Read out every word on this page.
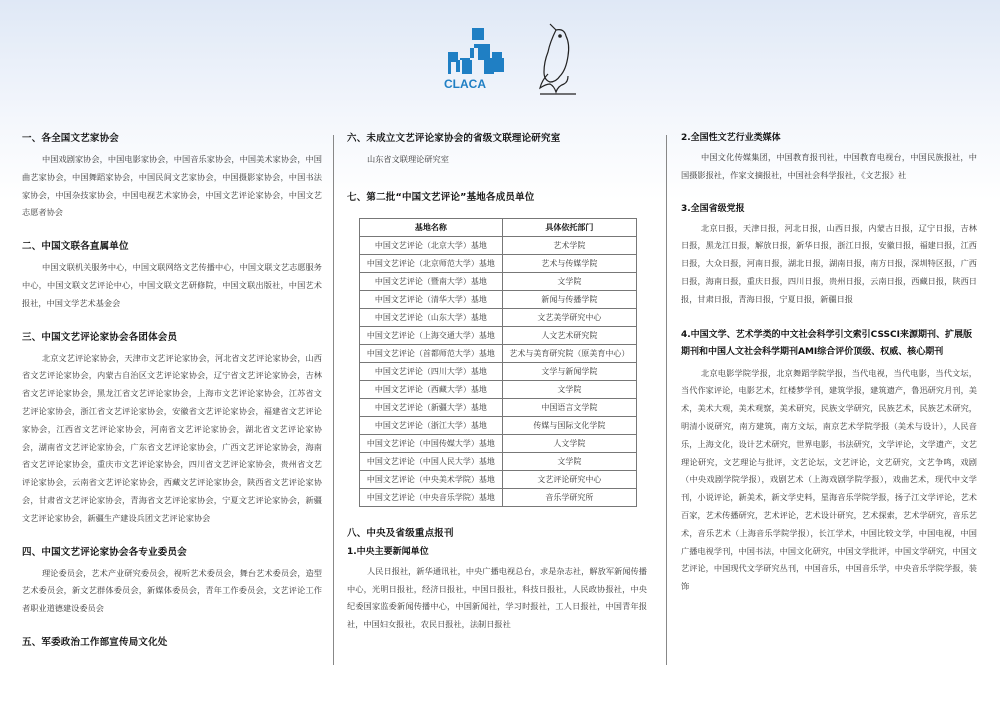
CLACA
一、各全国文艺家协会

中国戏剧家协会，中国电影家协会，中国音乐家协会，中国美术家协会，中国曲艺家协会，中国舞蹈家协会，中国民间文艺家协会，中国摄影家协会，中国书法家协会，中国杂技家协会，中国电视艺术家协会，中国文艺评论家协会，中国文艺志愿者协会

二、中国文联各直属单位

中国文联机关服务中心，中国文联网络文艺传播中心，中国文联文艺志愿服务中心，中国文联文艺评论中心，中国文联文艺研修院，中国文联出版社，中国艺术报社，中国文学艺术基金会

三、中国文艺评论家协会各团体会员

北京文艺评论家协会，天津市文艺评论家协会，河北省文艺评论家协会，山西省文艺评论家协会，内蒙古自治区文艺评论家协会，辽宁省文艺评论家协会，吉林省文艺评论家协会，黑龙江省文艺评论家协会，上海市文艺评论家协会，江苏省文艺评论家协会，浙江省文艺评论家协会，安徽省文艺评论家协会，福建省文艺评论家协会，江西省文艺评论家协会，河南省文艺评论家协会，湖北省文艺评论家协会，湖南省文艺评论家协会，广东省文艺评论家协会，广西文艺评论家协会，海南省文艺评论家协会，重庆市文艺评论家协会，四川省文艺评论家协会，贵州省文艺评论家协会，云南省文艺评论家协会，西藏文艺评论家协会，陕西省文艺评论家协会，甘肃省文艺评论家协会，青海省文艺评论家协会，宁夏文艺评论家协会，新疆文艺评论家协会，新疆生产建设兵团文艺评论家协会

四、中国文艺评论家协会各专业委员会

理论委员会，艺术产业研究委员会，视听艺术委员会，舞台艺术委员会，造型艺术委员会，新文艺群体委员会，新媒体委员会，青年工作委员会，文艺评论工作者职业道德建设委员会

五、军委政治工作部宣传局文化处
六、未成立文艺评论家协会的省级文联理论研究室

山东省文联理论研究室

七、第二批“中国文艺评论”基地各成员单位
基地名称	具体依托部门
中国文艺评论（北京大学）基地	艺术学院
中国文艺评论（北京师范大学）基地	艺术与传媒学院
中国文艺评论（暨南大学）基地	文学院
中国文艺评论（清华大学）基地	新闻与传播学院
中国文艺评论（山东大学）基地	文艺美学研究中心
中国文艺评论（上海交通大学）基地	人文艺术研究院
中国文艺评论（首都师范大学）基地	艺术与美育研究院（原美育中心）
中国文艺评论（四川大学）基地	文学与新闻学院
中国文艺评论（西藏大学）基地	文学院
中国文艺评论（新疆大学）基地	中国语言文学院
中国文艺评论（浙江大学）基地	传媒与国际文化学院
中国文艺评论（中国传媒大学）基地	人文学院
中国文艺评论（中国人民大学）基地	文学院
中国文艺评论（中央美术学院）基地	文艺评论研究中心
中国文艺评论（中央音乐学院）基地	音乐学研究所
八、中央及省级重点报刊
1.中央主要新闻单位

人民日报社，新华通讯社，中央广播电视总台，求是杂志社，解放军新闻传播中心，光明日报社，经济日报社，中国日报社，科技日报社，人民政协报社，中央纪委国家监委新闻传播中心，中国新闻社，学习时报社，工人日报社，中国青年报社，中国妇女报社，农民日报社，法制日报社

2.全国性文艺行业类媒体

中国文化传媒集团，中国教育报刊社，中国教育电视台，中国民族报社，中国摄影报社，作家文摘报社，中国社会科学报社，《文艺报》社

3.全国省级党报

北京日报，天津日报，河北日报，山西日报，内蒙古日报，辽宁日报，吉林日报，黑龙江日报，解放日报，新华日报，浙江日报，安徽日报，福建日报，江西日报，大众日报，河南日报，湖北日报，湖南日报，南方日报，深圳特区报，广西日报，海南日报，重庆日报，四川日报，贵州日报，云南日报，西藏日报，陕西日报，甘肃日报，青海日报，宁夏日报，新疆日报

4.中国文学、艺术学类的中文社会科学引文索引CSSCI来源期刊、扩展版期刊和中国人文社会科学期刊AMI综合评价顶级、权威、核心期刊

北京电影学院学报，北京舞蹈学院学报，当代电视，当代电影，当代文坛，当代作家评论，电影艺术，红楼梦学刊，建筑学报，建筑遗产，鲁迅研究月刊，美术，美术大观，美术观察，美术研究，民族文学研究，民族艺术，民族艺术研究，明清小说研究，南方建筑，南方文坛，南京艺术学院学报（美术与设计），人民音乐，上海文化，设计艺术研究，世界电影，书法研究，文学评论，文学遗产，文艺理论研究，文艺理论与批评，文艺论坛，文艺评论，文艺研究，文艺争鸣，戏剧（中央戏剧学院学报），戏剧艺术（上海戏剧学院学报），戏曲艺术，现代中文学刊，小说评论，新美术，新文学史料，星海音乐学院学报，扬子江文学评论，艺术百家，艺术传播研究，艺术评论，艺术设计研究，艺术探索，艺术学研究，音乐艺术，音乐艺术（上海音乐学院学报），长江学术，中国比较文学，中国电视，中国广播电视学刊，中国书法，中国文化研究，中国文学批评，中国文学研究，中国文艺评论，中国现代文学研究丛刊，中国音乐，中国音乐学，中央音乐学院学报，装饰
